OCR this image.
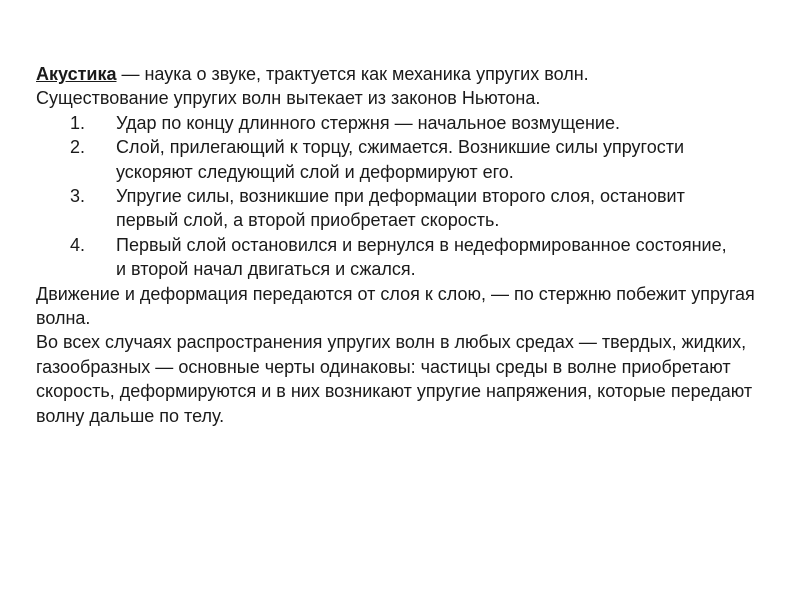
Акустика — наука о звуке, трактуется как механика упругих волн.

Существование упругих волн вытекает из законов Ньютона.

1. Удар по концу длинного стержня — начальное возмущение.
2. Слой, прилегающий к торцу, сжимается. Возникшие силы упругости ускоряют следующий слой и деформируют его.
3. Упругие силы, возникшие при деформации второго слоя, остановит первый слой, а второй приобретает скорость.
4. Первый слой остановился и вернулся в недеформированное состояние, и второй начал двигаться и сжался.

Движение и деформация передаются от слоя к слою, — по стержню побежит упругая волна.

Во всех случаях распространения упругих волн в любых средах — твердых, жидких, газообразных — основные черты одинаковы: частицы среды в волне приобретают скорость, деформируются и в них возникают упругие напряжения, которые передают волну дальше по телу.
